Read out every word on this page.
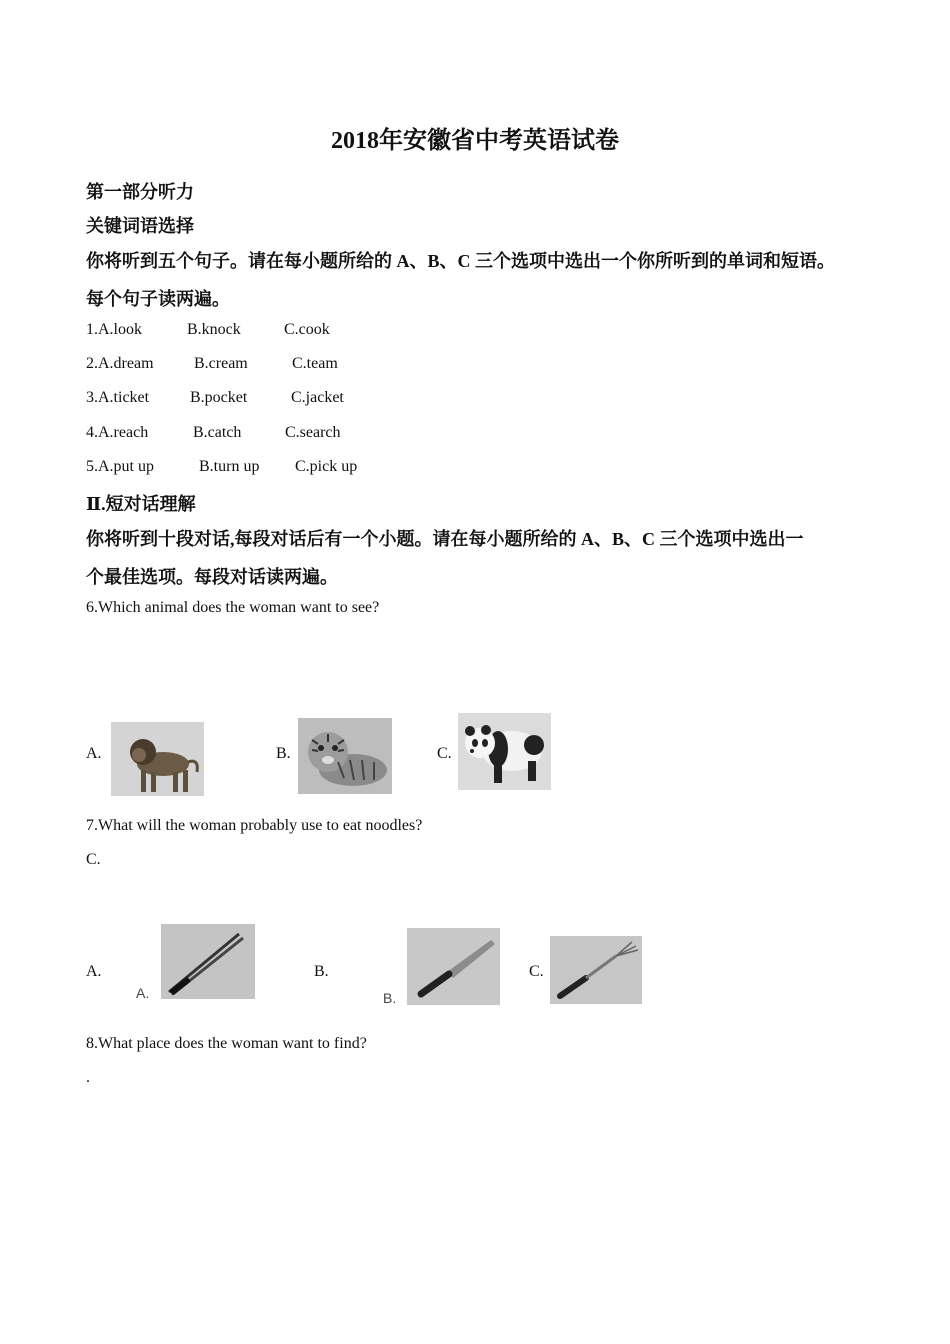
2018年安徽省中考英语试卷
第一部分听力
关键词语选择
你将听到五个句子。请在每小题所给的 A、B、C 三个选项中选出一个你所听到的单词和短语。
每个句子读两遍。
1.A.look	B.knock	C.cook
2.A.dream	B.cream	C.team
3.A.ticket	B.pocket	C.jacket
4.A.reach	B.catch	C.search
5.A.put up	B.turn up C.pick up
Ⅱ.短对话理解
你将听到十段对话,每段对话后有一个小题。请在每小题所给的 A、B、C 三个选项中选出一
个最佳选项。每段对话读两遍。
6.Which animal does the woman want to see?
A.	B.	C.
7.What will the woman probably use to eat noodles?
C.
A.
A.
B.
B.
C.
8.What place does the woman want to find?
.
